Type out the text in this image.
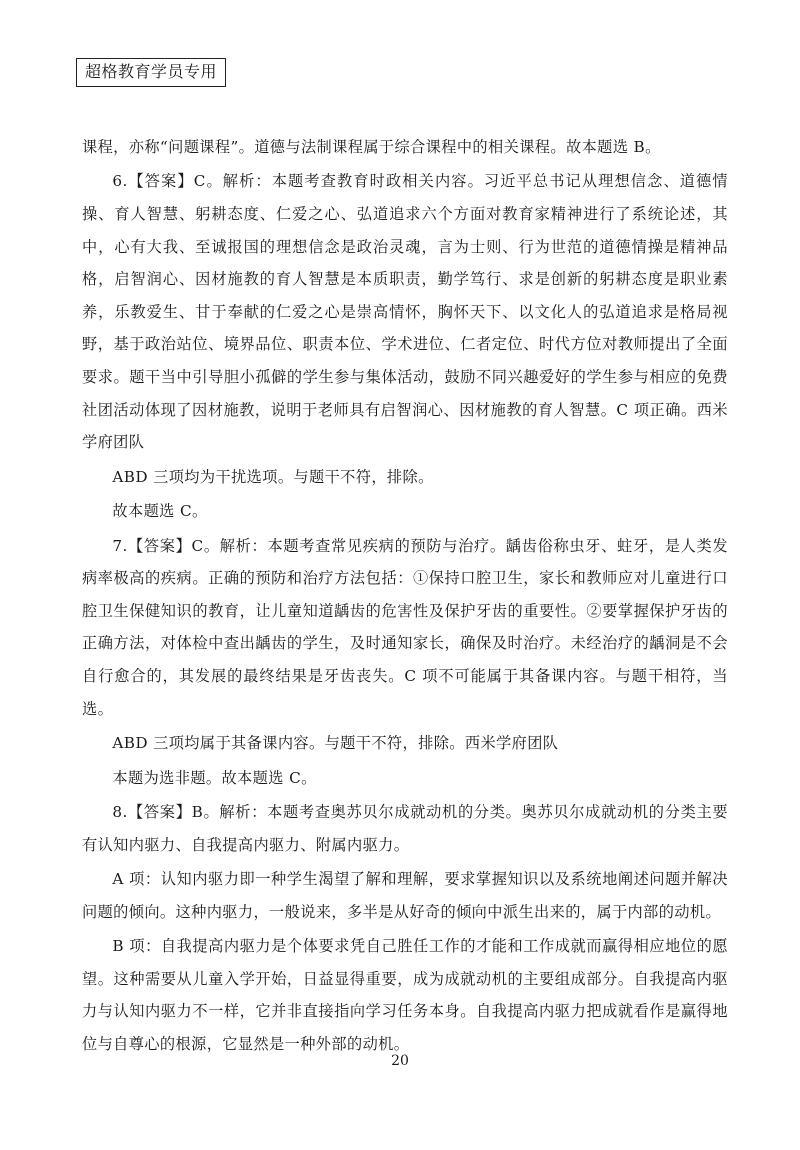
超格教育学员专用

课程，亦称“问题课程”。道德与法制课程属于综合课程中的相关课程。故本题选 B。

6.【答案】C。解析：本题考查教育时政相关内容。习近平总书记从理想信念、道德情操、育人智慧、躬耕态度、仁爱之心、弘道追求六个方面对教育家精神进行了系统论述，其中，心有大我、至诚报国的理想信念是政治灵魂，言为士则、行为世范的道德情操是精神品格，启智润心、因材施教的育人智慧是本质职责，勤学笃行、求是创新的躬耕态度是职业素养，乐教爱生、甘于奉献的仁爱之心是崇高情怀，胸怀天下、以文化人的弘道追求是格局视野，基于政治站位、境界品位、职责本位、学术进位、仁者定位、时代方位对教师提出了全面要求。题干当中引导胆小孤僻的学生参与集体活动，鼓励不同兴趣爱好的学生参与相应的免费社团活动体现了因材施教，说明于老师具有启智润心、因材施教的育人智慧。C 项正确。西米学府团队

ABD 三项均为干扰选项。与题干不符，排除。

故本题选 C。

7.【答案】C。解析：本题考查常见疾病的预防与治疗。龋齿俗称虫牙、蛀牙，是人类发病率极高的疾病。正确的预防和治疗方法包括：①保持口腔卫生，家长和教师应对儿童进行口腔卫生保健知识的教育，让儿童知道龋齿的危害性及保护牙齿的重要性。②要掌握保护牙齿的正确方法，对体检中查出龋齿的学生，及时通知家长，确保及时治疗。未经治疗的龋洞是不会自行愈合的，其发展的最终结果是牙齿丧失。C 项不可能属于其备课内容。与题干相符，当选。

ABD 三项均属于其备课内容。与题干不符，排除。西米学府团队

本题为选非题。故本题选 C。

8.【答案】B。解析：本题考查奥苏贝尔成就动机的分类。奥苏贝尔成就动机的分类主要有认知内驱力、自我提高内驱力、附属内驱力。

A 项：认知内驱力即一种学生渴望了解和理解，要求掌握知识以及系统地阐述问题并解决问题的倾向。这种内驱力，一般说来，多半是从好奇的倾向中派生出来的，属于内部的动机。

B 项：自我提高内驱力是个体要求凭自己胜任工作的才能和工作成就而赢得相应地位的愿望。这种需要从儿童入学开始，日益显得重要，成为成就动机的主要组成部分。自我提高内驱力与认知内驱力不一样，它并非直接指向学习任务本身。自我提高内驱力把成就看作是赢得地位与自尊心的根源，它显然是一种外部的动机。

20
